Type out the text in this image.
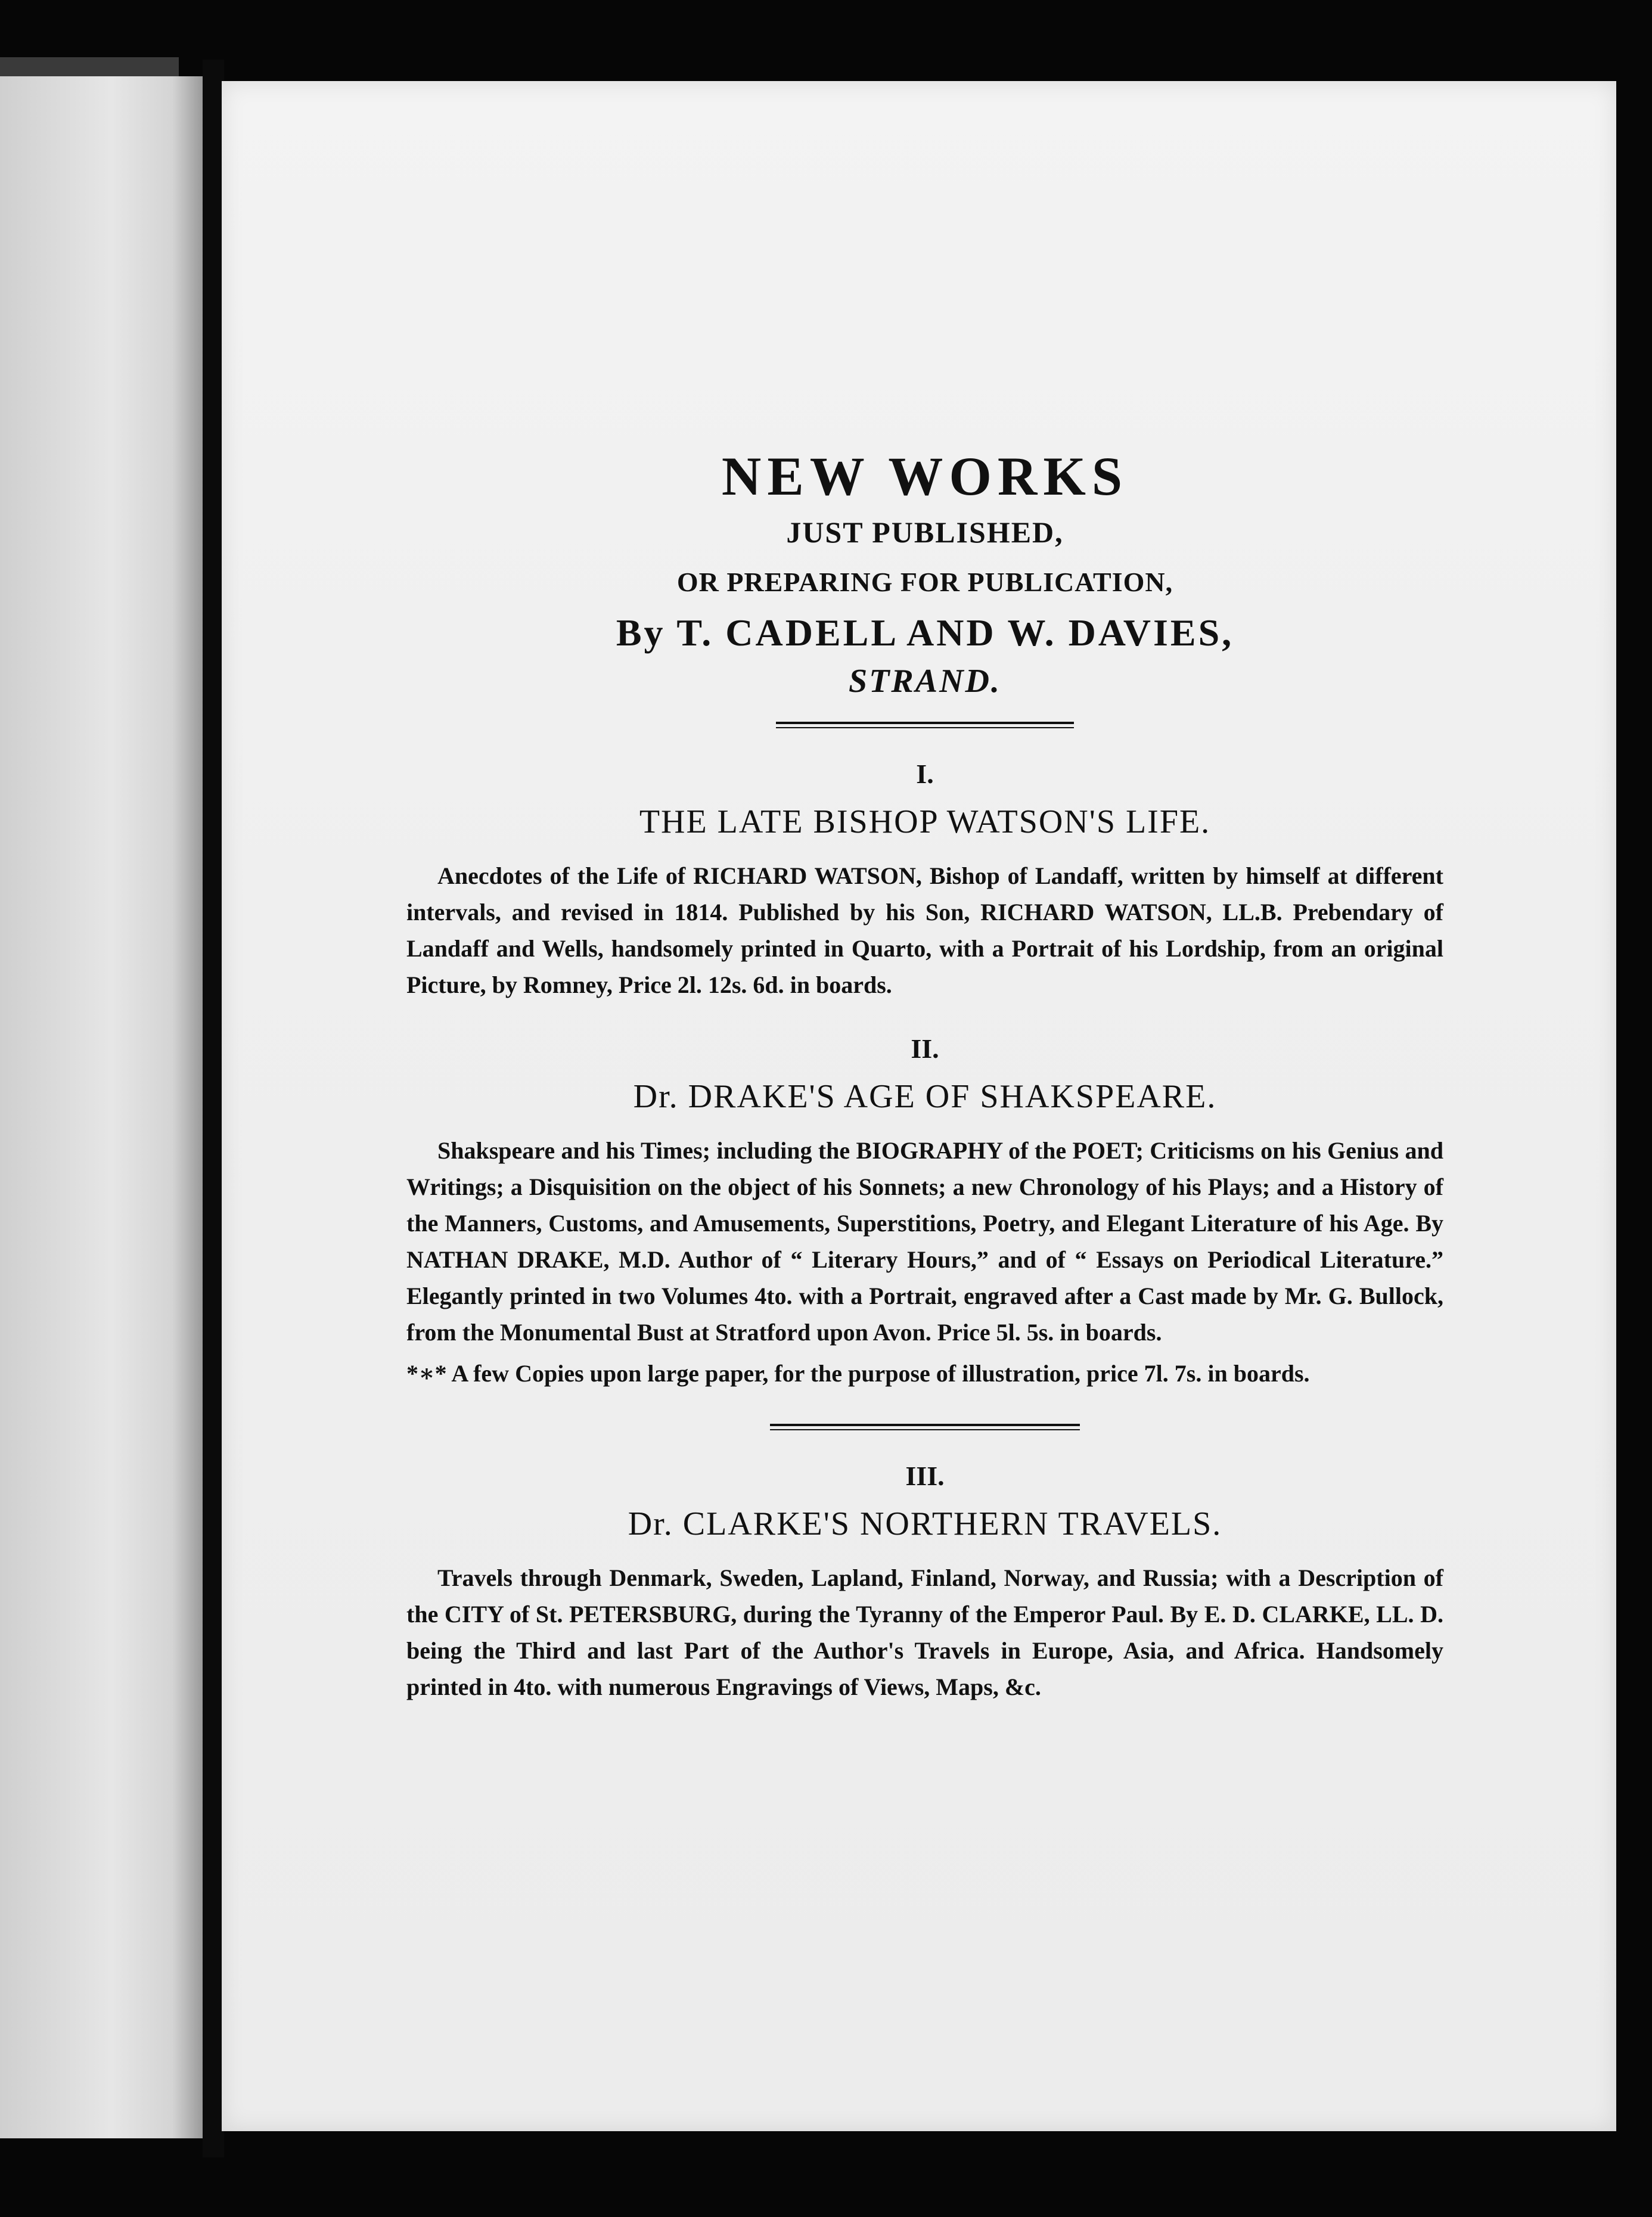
NEW WORKS
JUST PUBLISHED,
OR PREPARING FOR PUBLICATION,
By T. CADELL AND W. DAVIES,
STRAND.
I.
THE LATE BISHOP WATSON'S LIFE.

Anecdotes of the Life of RICHARD WATSON, Bishop of Landaff, written by himself at different intervals, and revised in 1814. Published by his Son, RICHARD WATSON, LL.B. Prebendary of Landaff and Wells, handsomely printed in Quarto, with a Portrait of his Lordship, from an original Picture, by Romney, Price 2l. 12s. 6d. in boards.

II.
Dr. DRAKE'S AGE OF SHAKSPEARE.

Shakspeare and his Times; including the BIOGRAPHY of the POET; Criticisms on his Genius and Writings; a Disquisition on the object of his Sonnets; a new Chronology of his Plays; and a History of the Manners, Customs, and Amusements, Superstitions, Poetry, and Elegant Literature of his Age. By NATHAN DRAKE, M.D. Author of “ Literary Hours,” and of “ Essays on Periodical Literature.” Elegantly printed in two Volumes 4to. with a Portrait, engraved after a Cast made by Mr. G. Bullock, from the Monumental Bust at Stratford upon Avon. Price 5l. 5s. in boards.

*∗* A few Copies upon large paper, for the purpose of illustration, price 7l. 7s. in boards.

III.
Dr. CLARKE'S NORTHERN TRAVELS.

Travels through Denmark, Sweden, Lapland, Finland, Norway, and Russia; with a Description of the CITY of St. PETERSBURG, during the Tyranny of the Emperor Paul. By E. D. CLARKE, LL. D. being the Third and last Part of the Author's Travels in Europe, Asia, and Africa. Handsomely printed in 4to. with numerous Engravings of Views, Maps, &c.
